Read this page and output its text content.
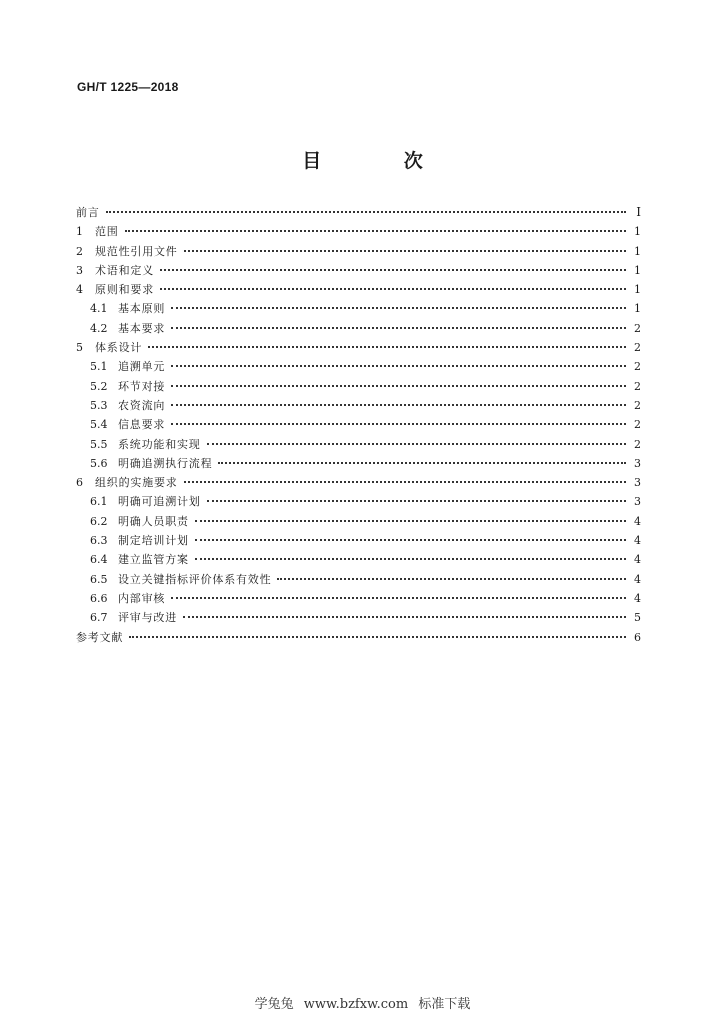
GH/T 1225—2018
目 次
前言	I
1	范围	1
2	规范性引用文件	1
3	术语和定义	1
4	原则和要求	1
4.1 基本原则	1
4.2 基本要求	2
5	体系设计	2
5.1 追溯单元	2
5.2 环节对接	2
5.3 农资流向	2
5.4 信息要求	2
5.5 系统功能和实现	2
5.6 明确追溯执行流程	3
6	组织的实施要求	3
6.1 明确可追溯计划	3
6.2 明确人员职责	4
6.3 制定培训计划	4
6.4 建立监管方案	4
6.5 设立关键指标评价体系有效性	4
6.6 内部审核	4
6.7 评审与改进	5
参考文献	6
学兔兔 www.bzfxw.com 标准下载
